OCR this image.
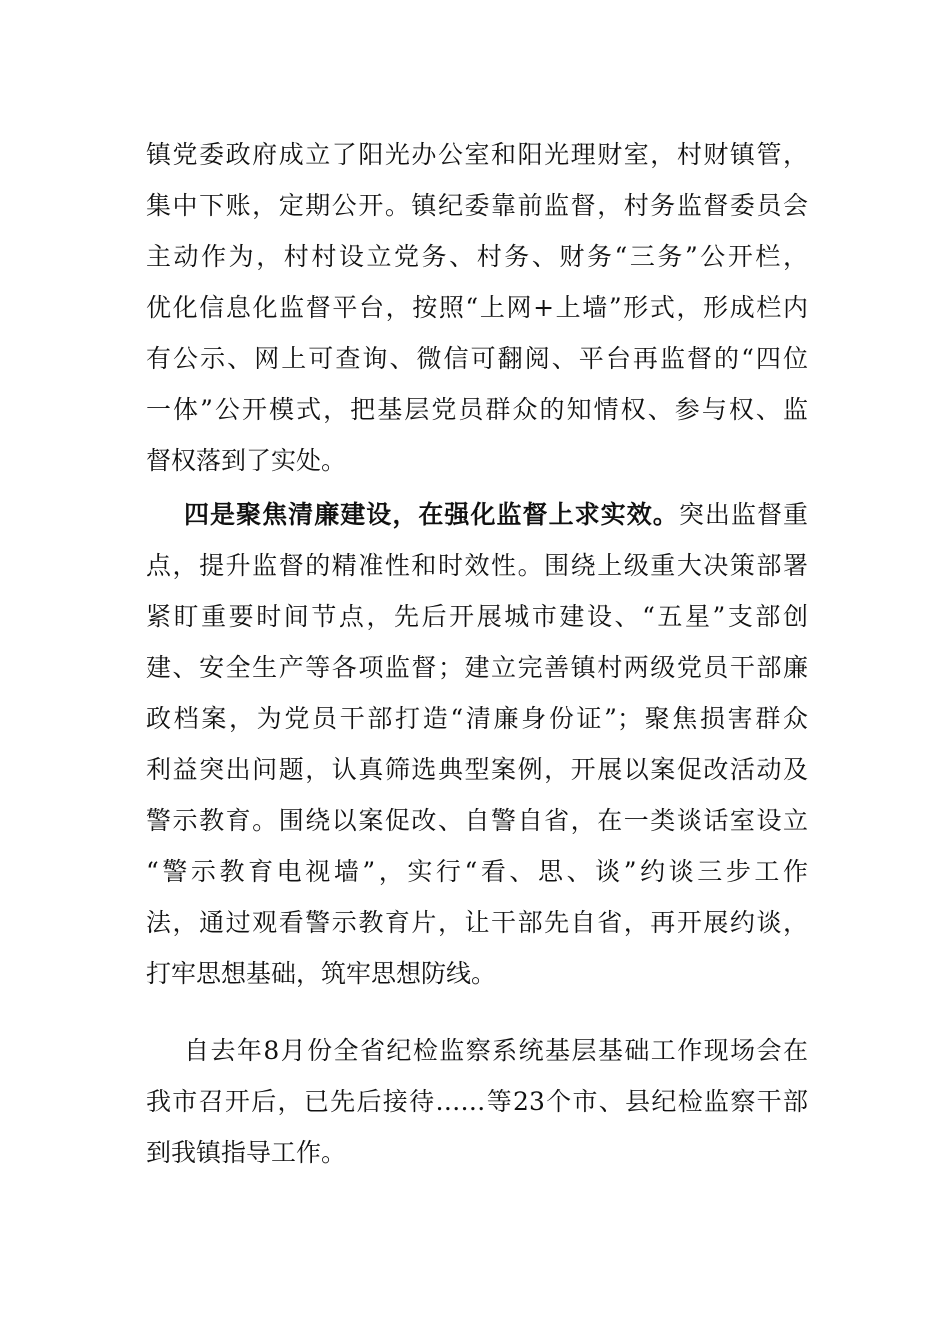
镇党委政府成立了阳光办公室和阳光理财室，村财镇管，
集中下账，定期公开。镇纪委靠前监督，村务监督委员会
主动作为，村村设立党务、村务、财务“三务”公开栏，
优化信息化监督平台，按照“上网+上墙”形式，形成栏内
有公示、网上可查询、微信可翻阅、平台再监督的“四位
一体”公开模式，把基层党员群众的知情权、参与权、监
督权落到了实处。
四是聚焦清廉建设，在强化监督上求实效。突出监督重
点，提升监督的精准性和时效性。围绕上级重大决策部署
紧盯重要时间节点，先后开展城市建设、“五星”支部创
建、安全生产等各项监督；建立完善镇村两级党员干部廉
政档案，为党员干部打造“清廉身份证”；聚焦损害群众
利益突出问题，认真筛选典型案例，开展以案促改活动及
警示教育。围绕以案促改、自警自省，在一类谈话室设立
“警示教育电视墙”，实行“看、思、谈”约谈三步工作
法，通过观看警示教育片，让干部先自省，再开展约谈，
打牢思想基础，筑牢思想防线。
自去年8月份全省纪检监察系统基层基础工作现场会在
我市召开后，已先后接待……等23个市、县纪检监察干部
到我镇指导工作。
